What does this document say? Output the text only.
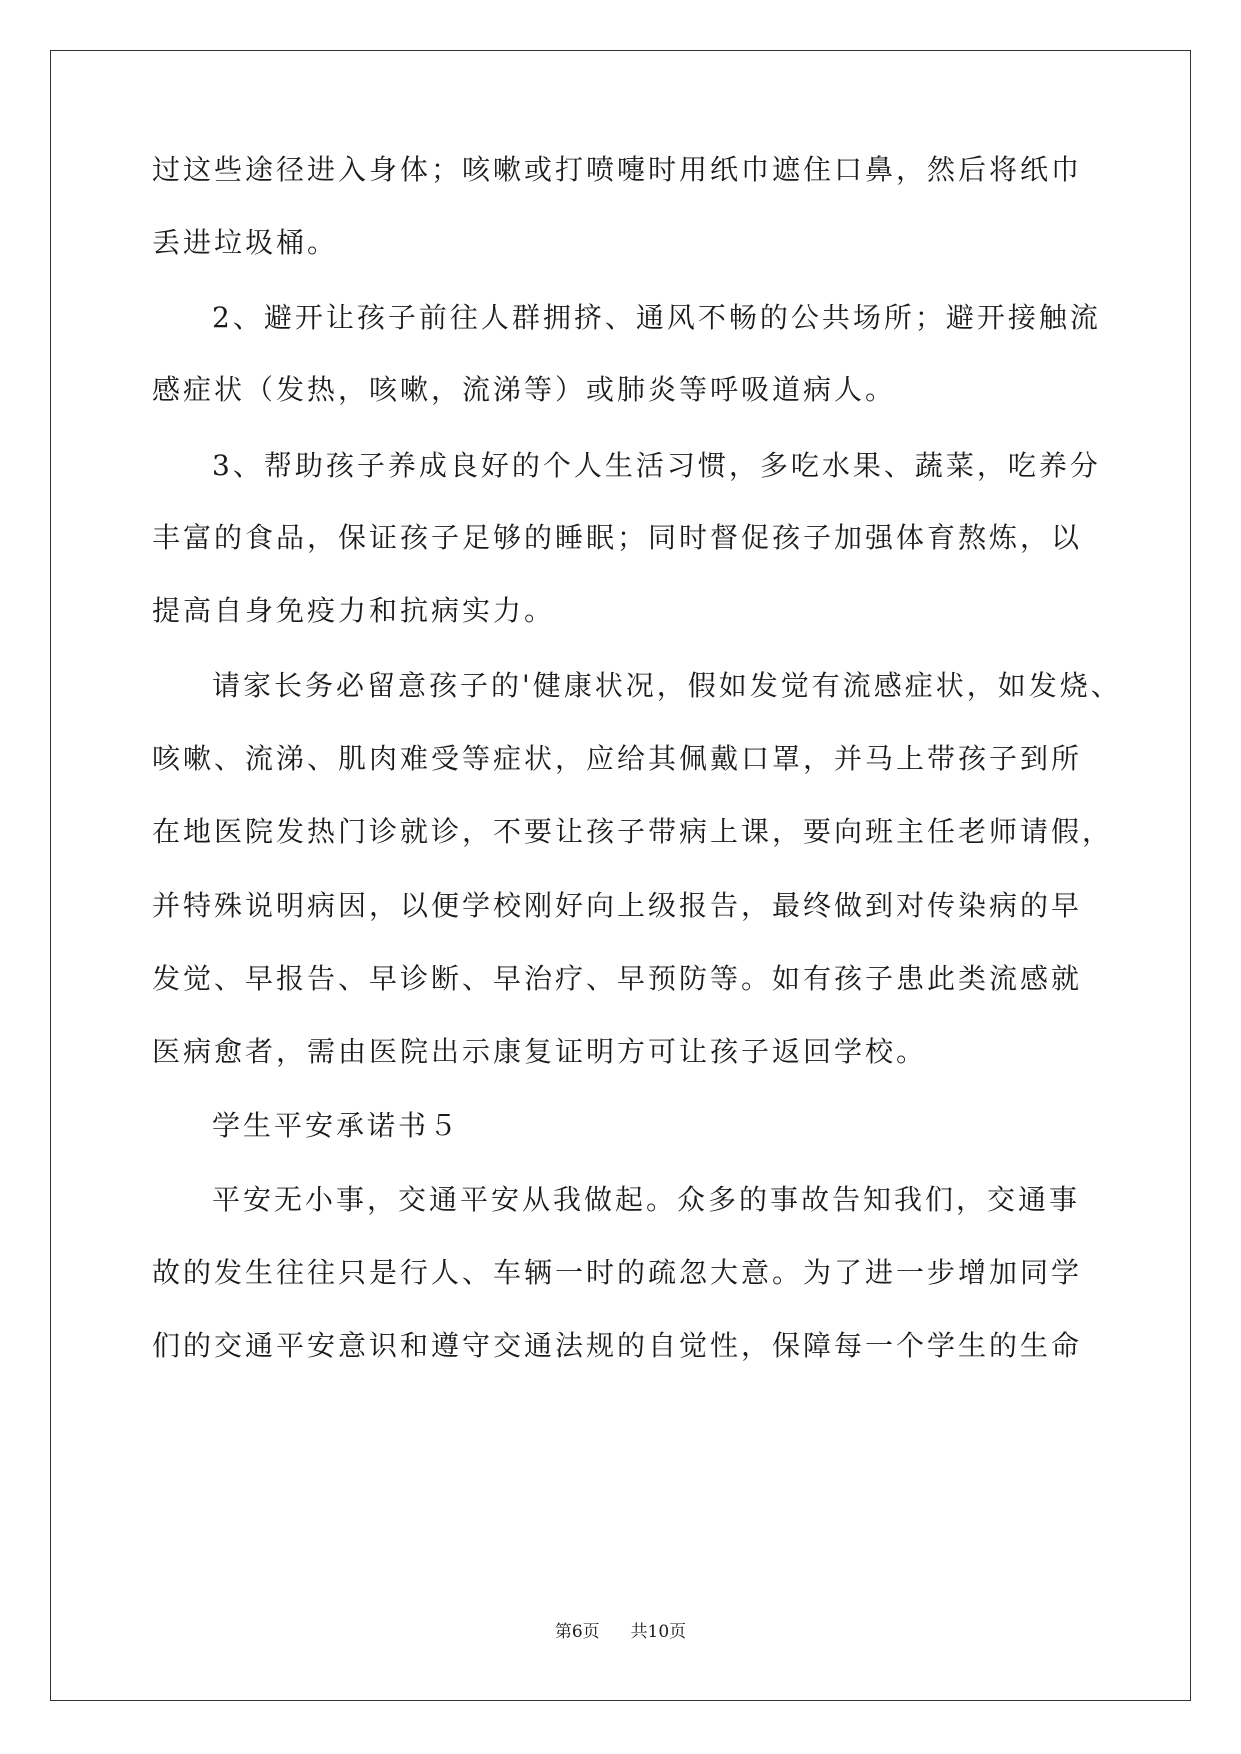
过这些途径进入身体；咳嗽或打喷嚏时用纸巾遮住口鼻，然后将纸巾
丢进垃圾桶。
2、避开让孩子前往人群拥挤、通风不畅的公共场所；避开接触流
感症状（发热，咳嗽，流涕等）或肺炎等呼吸道病人。
3、帮助孩子养成良好的个人生活习惯，多吃水果、蔬菜，吃养分
丰富的食品，保证孩子足够的睡眠；同时督促孩子加强体育熬炼，以
提高自身免疫力和抗病实力。
请家长务必留意孩子的'健康状况，假如发觉有流感症状，如发烧、
咳嗽、流涕、肌肉难受等症状，应给其佩戴口罩，并马上带孩子到所
在地医院发热门诊就诊，不要让孩子带病上课，要向班主任老师请假，
并特殊说明病因，以便学校刚好向上级报告，最终做到对传染病的早
发觉、早报告、早诊断、早治疗、早预防等。如有孩子患此类流感就
医病愈者，需由医院出示康复证明方可让孩子返回学校。
学生平安承诺书５
平安无小事，交通平安从我做起。众多的事故告知我们，交通事
故的发生往往只是行人、车辆一时的疏忽大意。为了进一步增加同学
们的交通平安意识和遵守交通法规的自觉性，保障每一个学生的生命
第6页 共10页
